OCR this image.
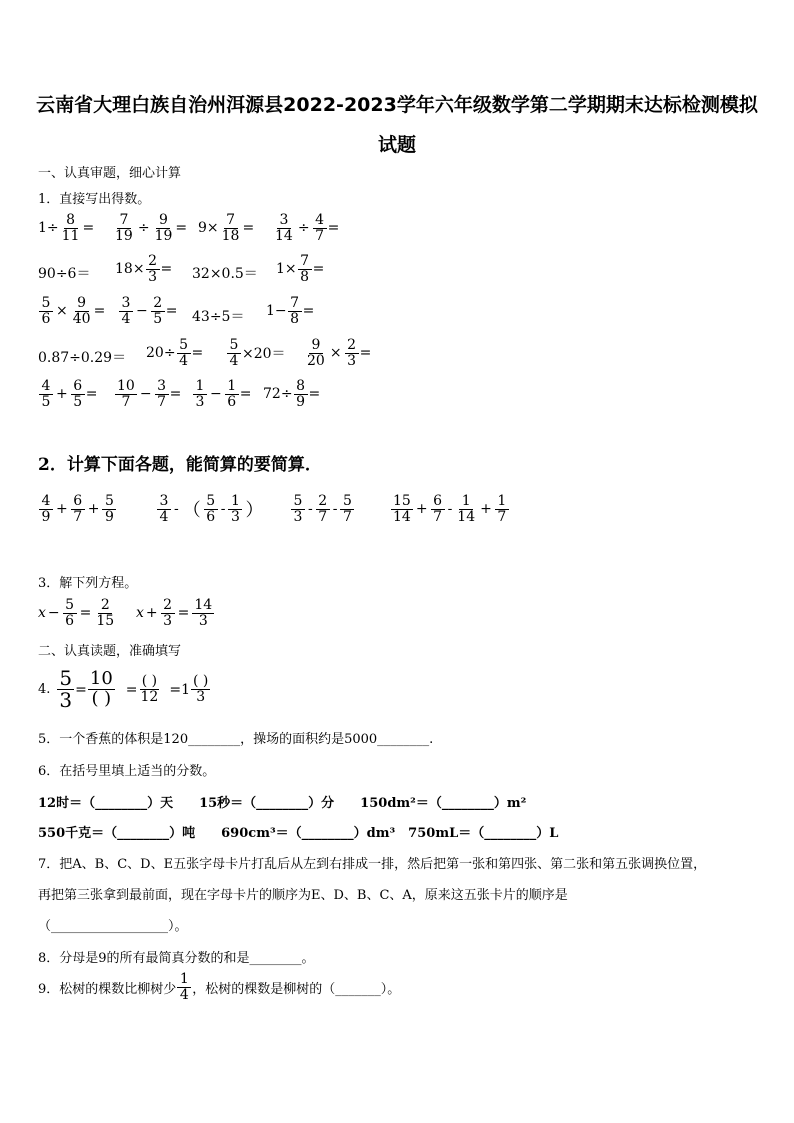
云南省大理白族自治州洱源县2022-2023学年六年级数学第二学期期末达标检测模拟
试题
一、认真审题，细心计算
1．直接写出得数。
$1\div \frac{8}{11} = \frac{7}{19} \div \frac{9}{19} = 9\times \frac{7}{18} = \frac{3}{14} \div \frac{4}{7}$ =
$90\div 6= 18\times \frac{2}{3} = 32\times 0.5= 1\times \frac{7}{8}$ =
$\frac{5}{6} \times \frac{9}{40} = \frac{3}{4} - \frac{2}{5} = 43\div 5= 1- \frac{7}{8}$ =
$0.87\div 0.29= 20\div \frac{5}{4} = \frac{5}{4} \times 20= \frac{9}{20} \times \frac{2}{3}$ =
$\frac{4}{5} + \frac{6}{5} = \frac{10}{7} - \frac{3}{7} = \frac{1}{3} - \frac{1}{6} = 72\div \frac{8}{9}$ =
2．计算下面各题，能简算的要简算．
$\frac{4}{9} + \frac{6}{7} + \frac{5}{9}$	$\frac{3}{4}$ - （ $\frac{5}{6} - \frac{1}{3}$ ） $\frac{5}{3} - \frac{2}{7} - \frac{5}{7}$	$\frac{15}{14} + \frac{6}{7} - \frac{1}{14} + \frac{1}{7}$
3．解下列方程。
$x - \frac{5}{6} = \frac{2}{15}$ $x + \frac{2}{3} = \frac{14}{3}$
二、认真读题，准确填写
4. $\frac{5}{3} = \frac{10}{( )} = \frac{( )}{12} =1 \frac{( )}{3}$
5．一个香蕉的体积是120________，操场的面积约是5000________.
6．在括号里填上适当的分数。
12时＝（________）天　　15秒＝（________）分　　150dm²＝（________）m²
550千克＝（________）吨　　690cm³＝（________）dm³　750mL＝（________）L
7．把A、B、C、D、E五张字母卡片打乱后从左到右排成一排，然后把第一张和第四张、第二张和第五张调换位置，
再把第三张拿到最前面，现在字母卡片的顺序为E、D、B、C、A，原来这五张卡片的顺序是
（__________________）。
8．分母是9的所有最简真分数的和是________。
9．松树的棵数比柳树少 $\frac{1}{4}$ ，松树的棵数是柳树的（_______）。
